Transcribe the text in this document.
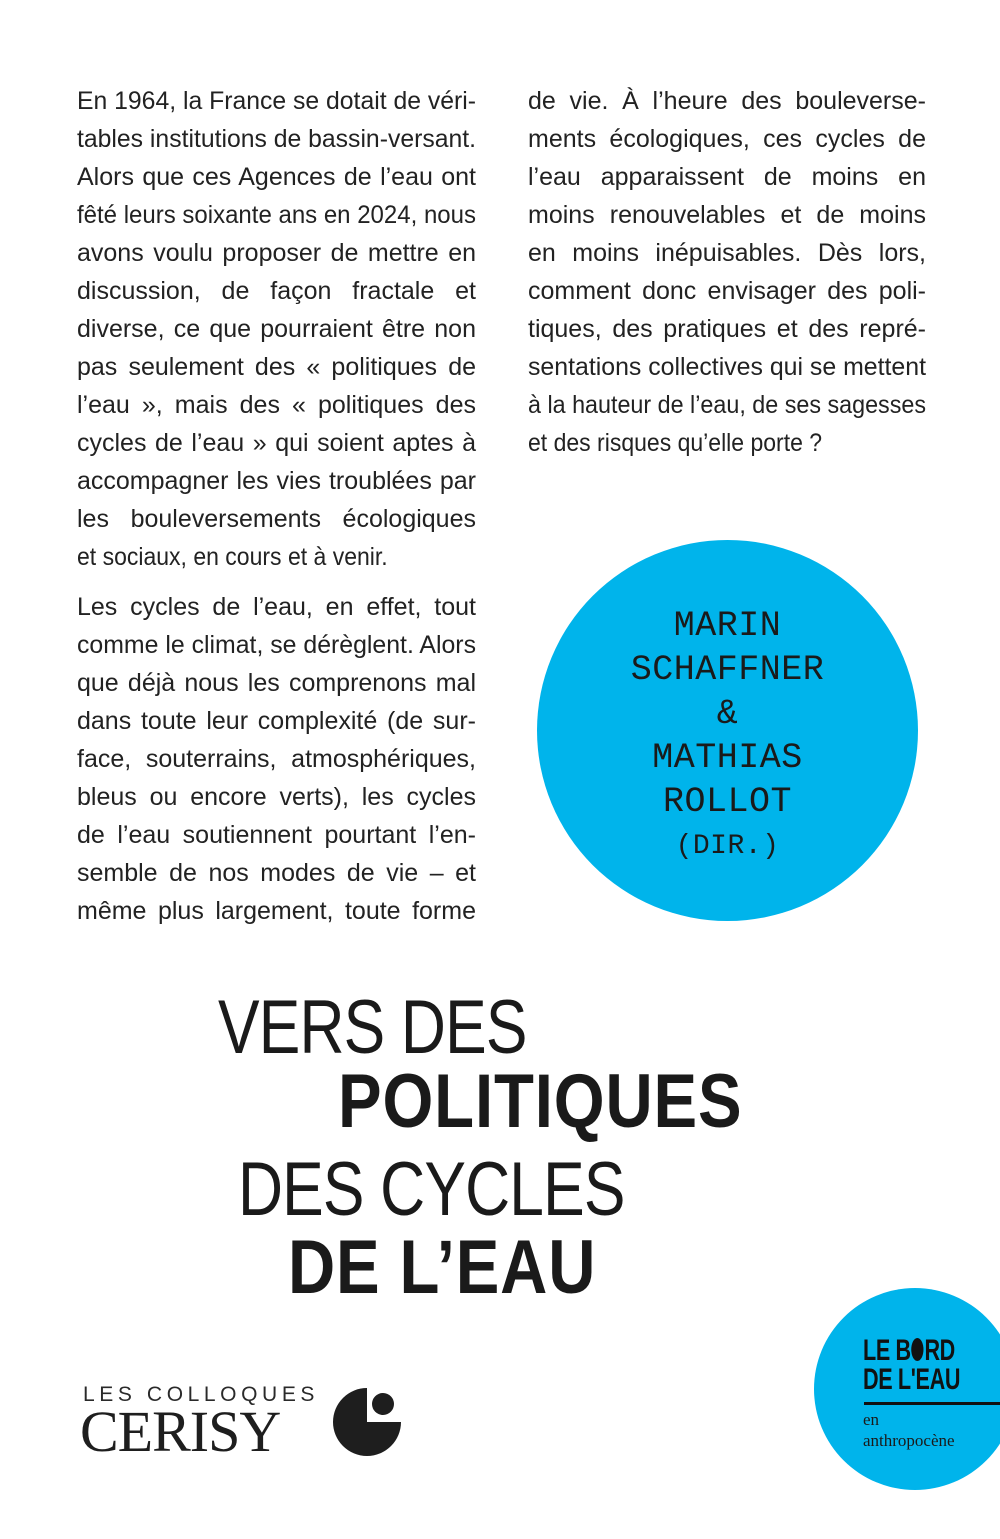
En 1964, la France se dotait de véri-
tables institutions de bassin-versant.
Alors que ces Agences de l’eau ont
fêté leurs soixante ans en 2024, nous
avons voulu proposer de mettre en
discussion, de façon fractale et
diverse, ce que pourraient être non
pas seulement des « politiques de
l’eau », mais des « politiques des
cycles de l’eau » qui soient aptes à
accompagner les vies troublées par
les bouleversements écologiques
et sociaux, en cours et à venir.
Les cycles de l’eau, en effet, tout
comme le climat, se dérèglent. Alors
que déjà nous les comprenons mal
dans toute leur complexité (de sur-
face, souterrains, atmosphériques,
bleus ou encore verts), les cycles
de l’eau soutiennent pourtant l’en-
semble de nos modes de vie – et
même plus largement, toute forme
de vie. À l’heure des bouleverse-
ments écologiques, ces cycles de
l’eau apparaissent de moins en
moins renouvelables et de moins
en moins inépuisables. Dès lors,
comment donc envisager des poli-
tiques, des pratiques et des repré-
sentations collectives qui se mettent
à la hauteur de l’eau, de ses sagesses
et des risques qu’elle porte ?
MARIN
SCHAFFNER
&
MATHIAS
ROLLOT
(DIR.)
VERS DES
POLITIQUES
DES CYCLES
DE L’EAU
LES COLLOQUES
CERISY
LE B RD
DE L'EAU
en
anthropocène
